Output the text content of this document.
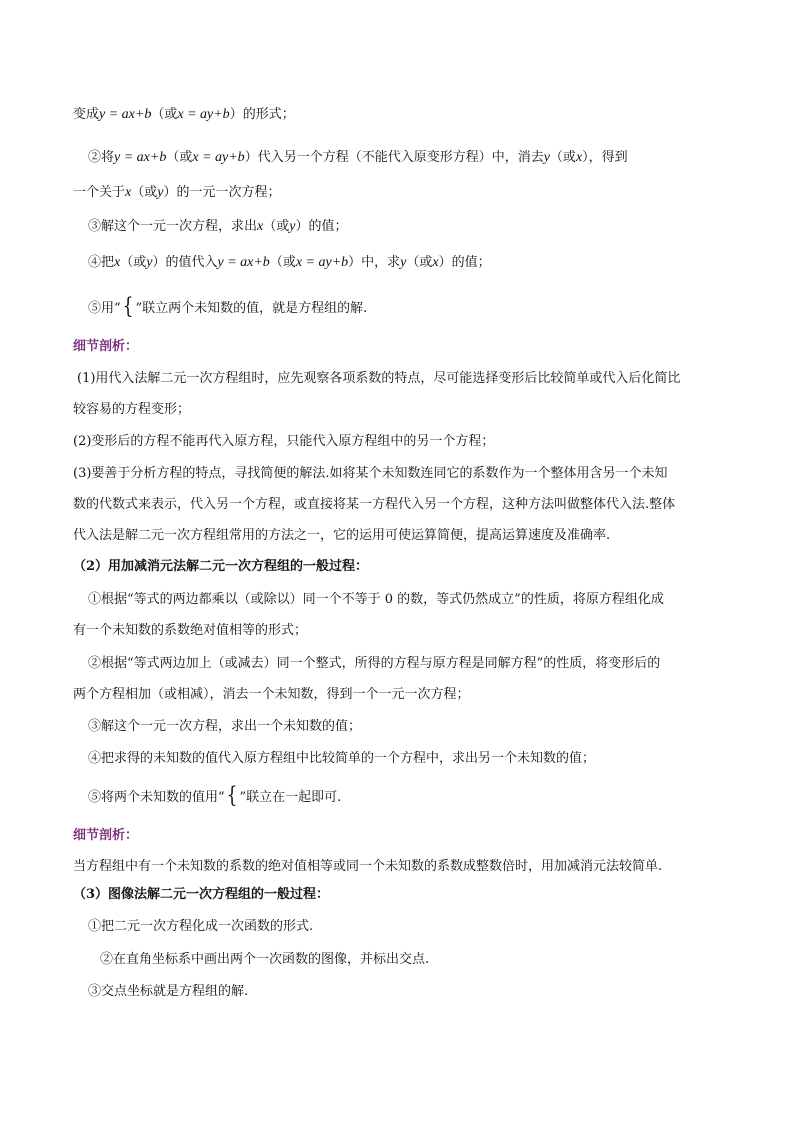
变成y = ax+b（或x = ay+b）的形式；
②将y = ax+b（或x = ay+b）代入另一个方程（不能代入原变形方程）中，消去y（或x），得到
一个关于x（或y）的一元一次方程；
③解这个一元一次方程，求出x（或y）的值；
④把x（或y）的值代入y = ax+b（或x = ay+b）中，求y（或x）的值；
⑤用“ { ”联立两个未知数的值，就是方程组的解.
细节剖析：
(1)用代入法解二元一次方程组时，应先观察各项系数的特点，尽可能选择变形后比较简单或代入后化简比
较容易的方程变形；
(2)变形后的方程不能再代入原方程，只能代入原方程组中的另一个方程；
(3)要善于分析方程的特点，寻找简便的解法.如将某个未知数连同它的系数作为一个整体用含另一个未知
数的代数式来表示，代入另一个方程，或直接将某一方程代入另一个方程，这种方法叫做整体代入法.整体
代入法是解二元一次方程组常用的方法之一，它的运用可使运算简便，提高运算速度及准确率.
（2）用加减消元法解二元一次方程组的一般过程：
①根据“等式的两边都乘以（或除以）同一个不等于 0 的数，等式仍然成立”的性质，将原方程组化成
有一个未知数的系数绝对值相等的形式；
②根据“等式两边加上（或减去）同一个整式，所得的方程与原方程是同解方程”的性质，将变形后的
两个方程相加（或相减），消去一个未知数，得到一个一元一次方程；
③解这个一元一次方程，求出一个未知数的值；
④把求得的未知数的值代入原方程组中比较简单的一个方程中，求出另一个未知数的值；
⑤将两个未知数的值用“ { ”联立在一起即可.
细节剖析：
当方程组中有一个未知数的系数的绝对值相等或同一个未知数的系数成整数倍时，用加减消元法较简单.
（3）图像法解二元一次方程组的一般过程：
①把二元一次方程化成一次函数的形式.
②在直角坐标系中画出两个一次函数的图像，并标出交点.
③交点坐标就是方程组的解.
